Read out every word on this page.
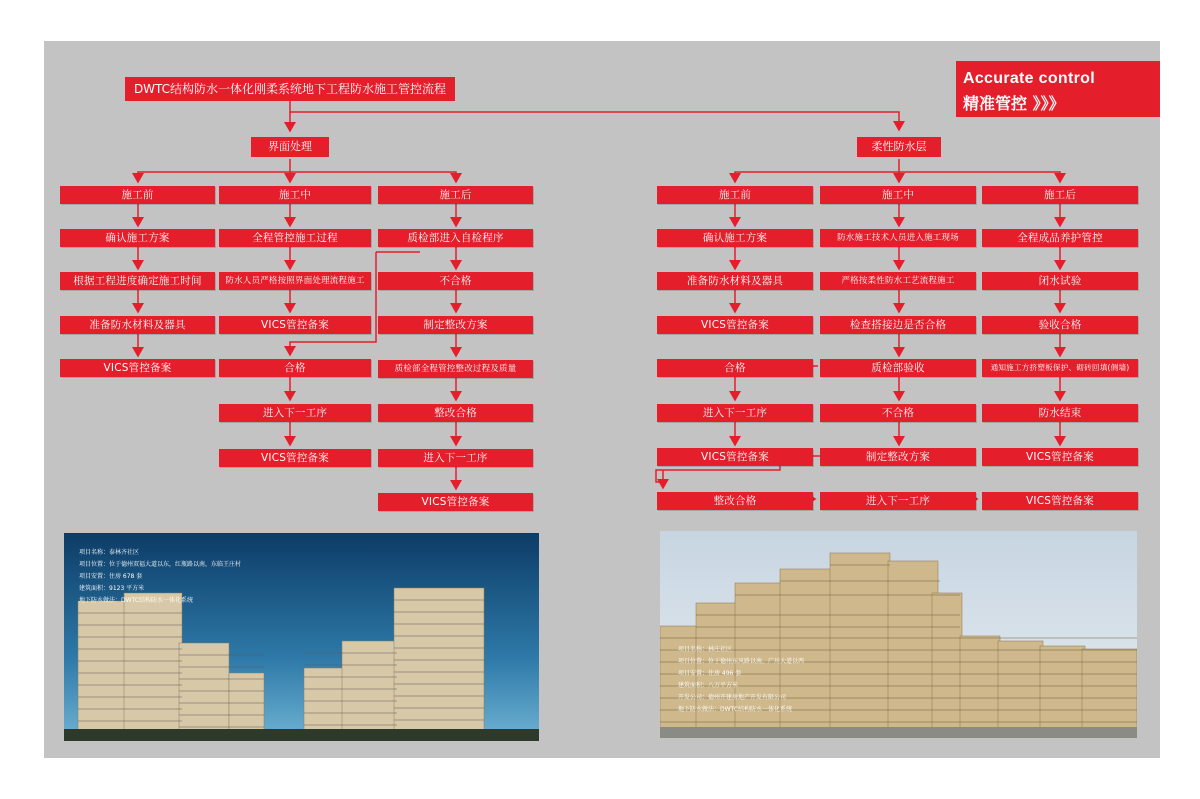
Accurate control
精准管控 》》》
DWTC结构防水一体化刚柔系统地下工程防水施工管控流程
界面处理	柔性防水层
施工前
确认施工方案
根据工程进度确定施工时间
准备防水材料及器具
VICS管控备案
施工中
全程管控施工过程
防水人员严格按照界面处理流程施工
VICS管控备案
合格
进入下一工序
VICS管控备案
施工后
质检部进入自检程序
不合格
制定整改方案
质检部全程管控整改过程及质量
整改合格
进入下一工序
VICS管控备案
施工前
确认施工方案
准备防水材料及器具
VICS管控备案
合格
进入下一工序
VICS管控备案
整改合格
施工中
防水施工技术人员进入施工现场
严格按柔性防水工艺流程施工
检查搭接边是否合格
质检部验收
不合格
制定整改方案
进入下一工序
施工后
全程成品养护管控
闭水试验
验收合格
通知施工方挤塑板保护、砌砖回填(侧墙)
防水结束
VICS管控备案
VICS管控备案
项目名称：泰林齐社区
项目位置：位于德州双福大道以东，红瓶路以南，东临王庄村
项目安置：住房 678 套
建筑面积：9123 平方米
地下防水做法：DWTC结构防水一体化系统
项目名称：林庄社区
项目位置：位于德州东风路以南，广川大道以西
项目安置：住房 496 套
建筑面积：八万平方米
开发公司：德州开建房地产开发有限公司
地下防水做法：DWTC结构防水一体化系统
